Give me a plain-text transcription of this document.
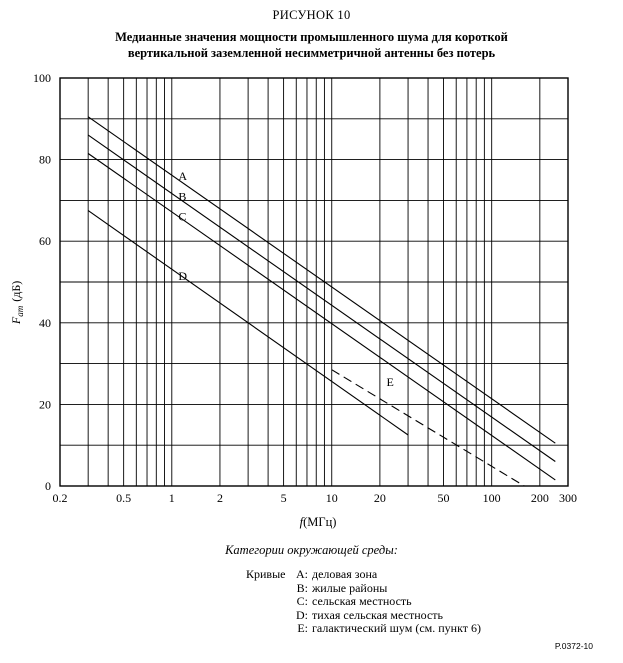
РИСУНОК 10
Медианные значения мощности промышленного шума для короткой
вертикальной заземленной несимметричной антенны без потерь
0.2	0.5	1	2	5	10	20	50	100	200 300
0
20
40
60
80
100
A
B
C
D
E
$F_{am}(дБ)$
f(МГц)
Категории окружающей среды:
Кривые A: деловая зона
B: жилые районы
C: сельская местность
D: тихая сельская местность
E: галактический шум (см. пункт 6)
P.0372-10
